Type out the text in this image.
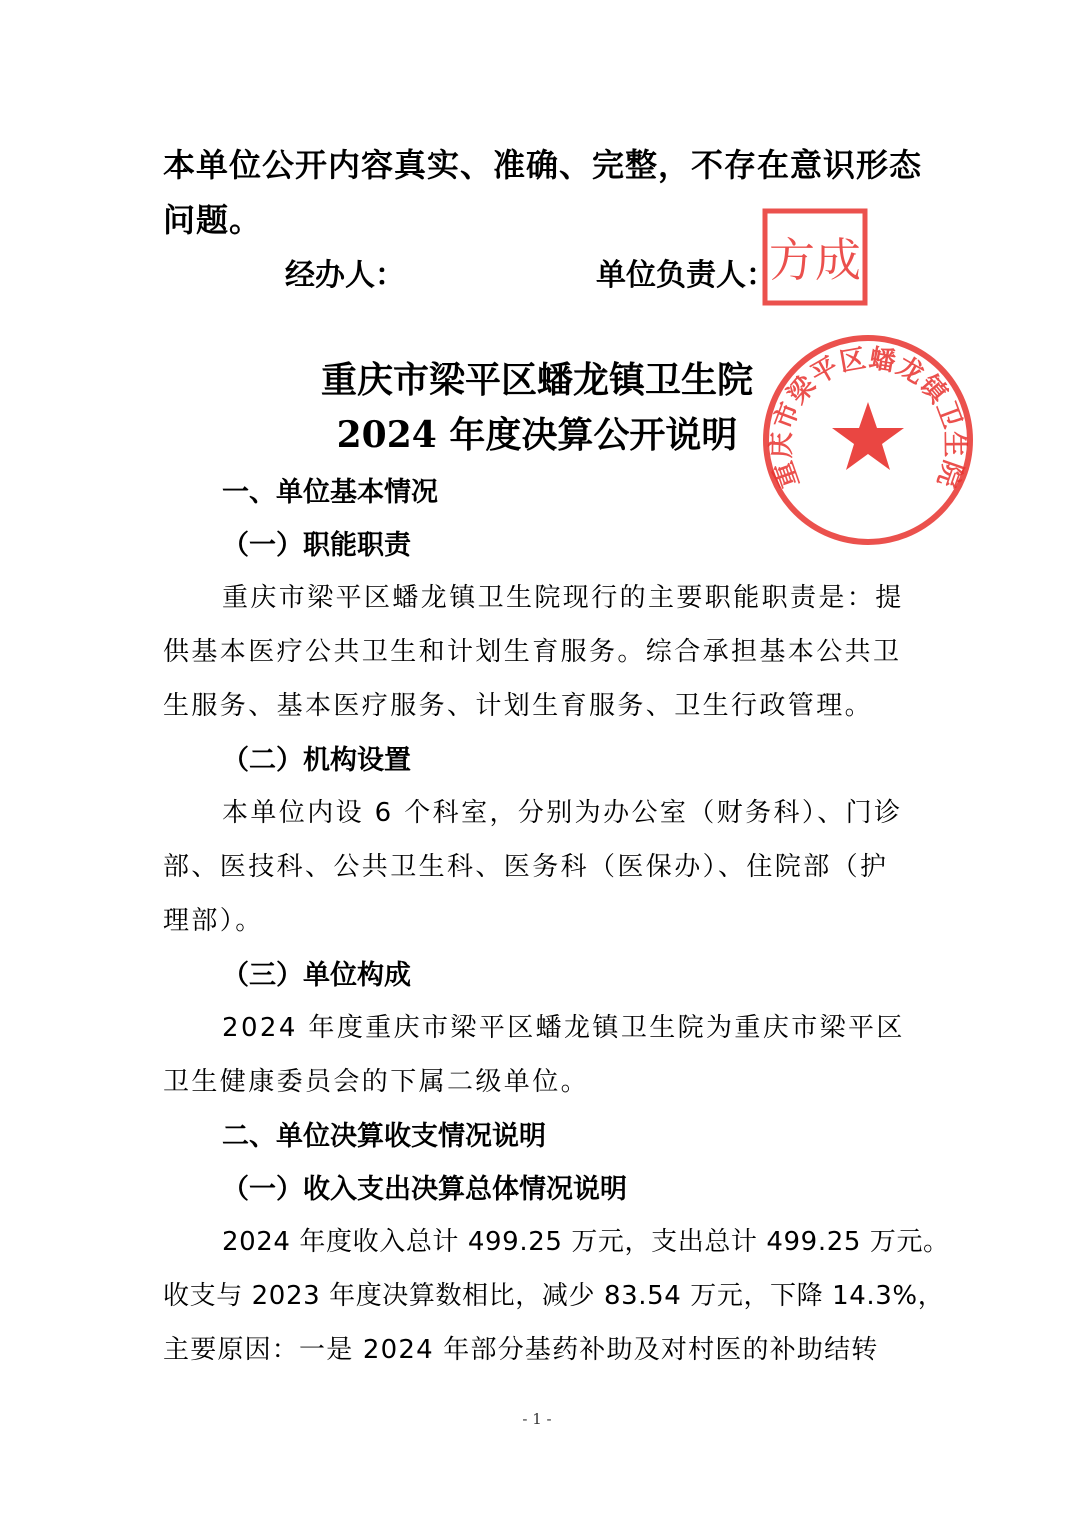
本单位公开内容真实、准确、完整，不存在意识形态
问题。
经办人：	单位负责人：
方成
重庆市梁平区蟠龙镇卫生院
2024 年度决算公开说明
重庆市梁平区蟠龙镇卫生院
一、单位基本情况
（一）职能职责
重庆市梁平区蟠龙镇卫生院现行的主要职能职责是：提
供基本医疗公共卫生和计划生育服务。综合承担基本公共卫
生服务、基本医疗服务、计划生育服务、卫生行政管理。
（二）机构设置
本单位内设 6 个科室，分别为办公室（财务科）、门诊
部、医技科、公共卫生科、医务科（医保办）、住院部（护
理部）。
（三）单位构成
2024 年度重庆市梁平区蟠龙镇卫生院为重庆市梁平区
卫生健康委员会的下属二级单位。
二、单位决算收支情况说明
（一）收入支出决算总体情况说明
2024 年度收入总计 499.25 万元，支出总计 499.25 万元。
收支与 2023 年度决算数相比，减少 83.54 万元，下降 14.3%，
主要原因：一是 2024 年部分基药补助及对村医的补助结转
- 1 -
